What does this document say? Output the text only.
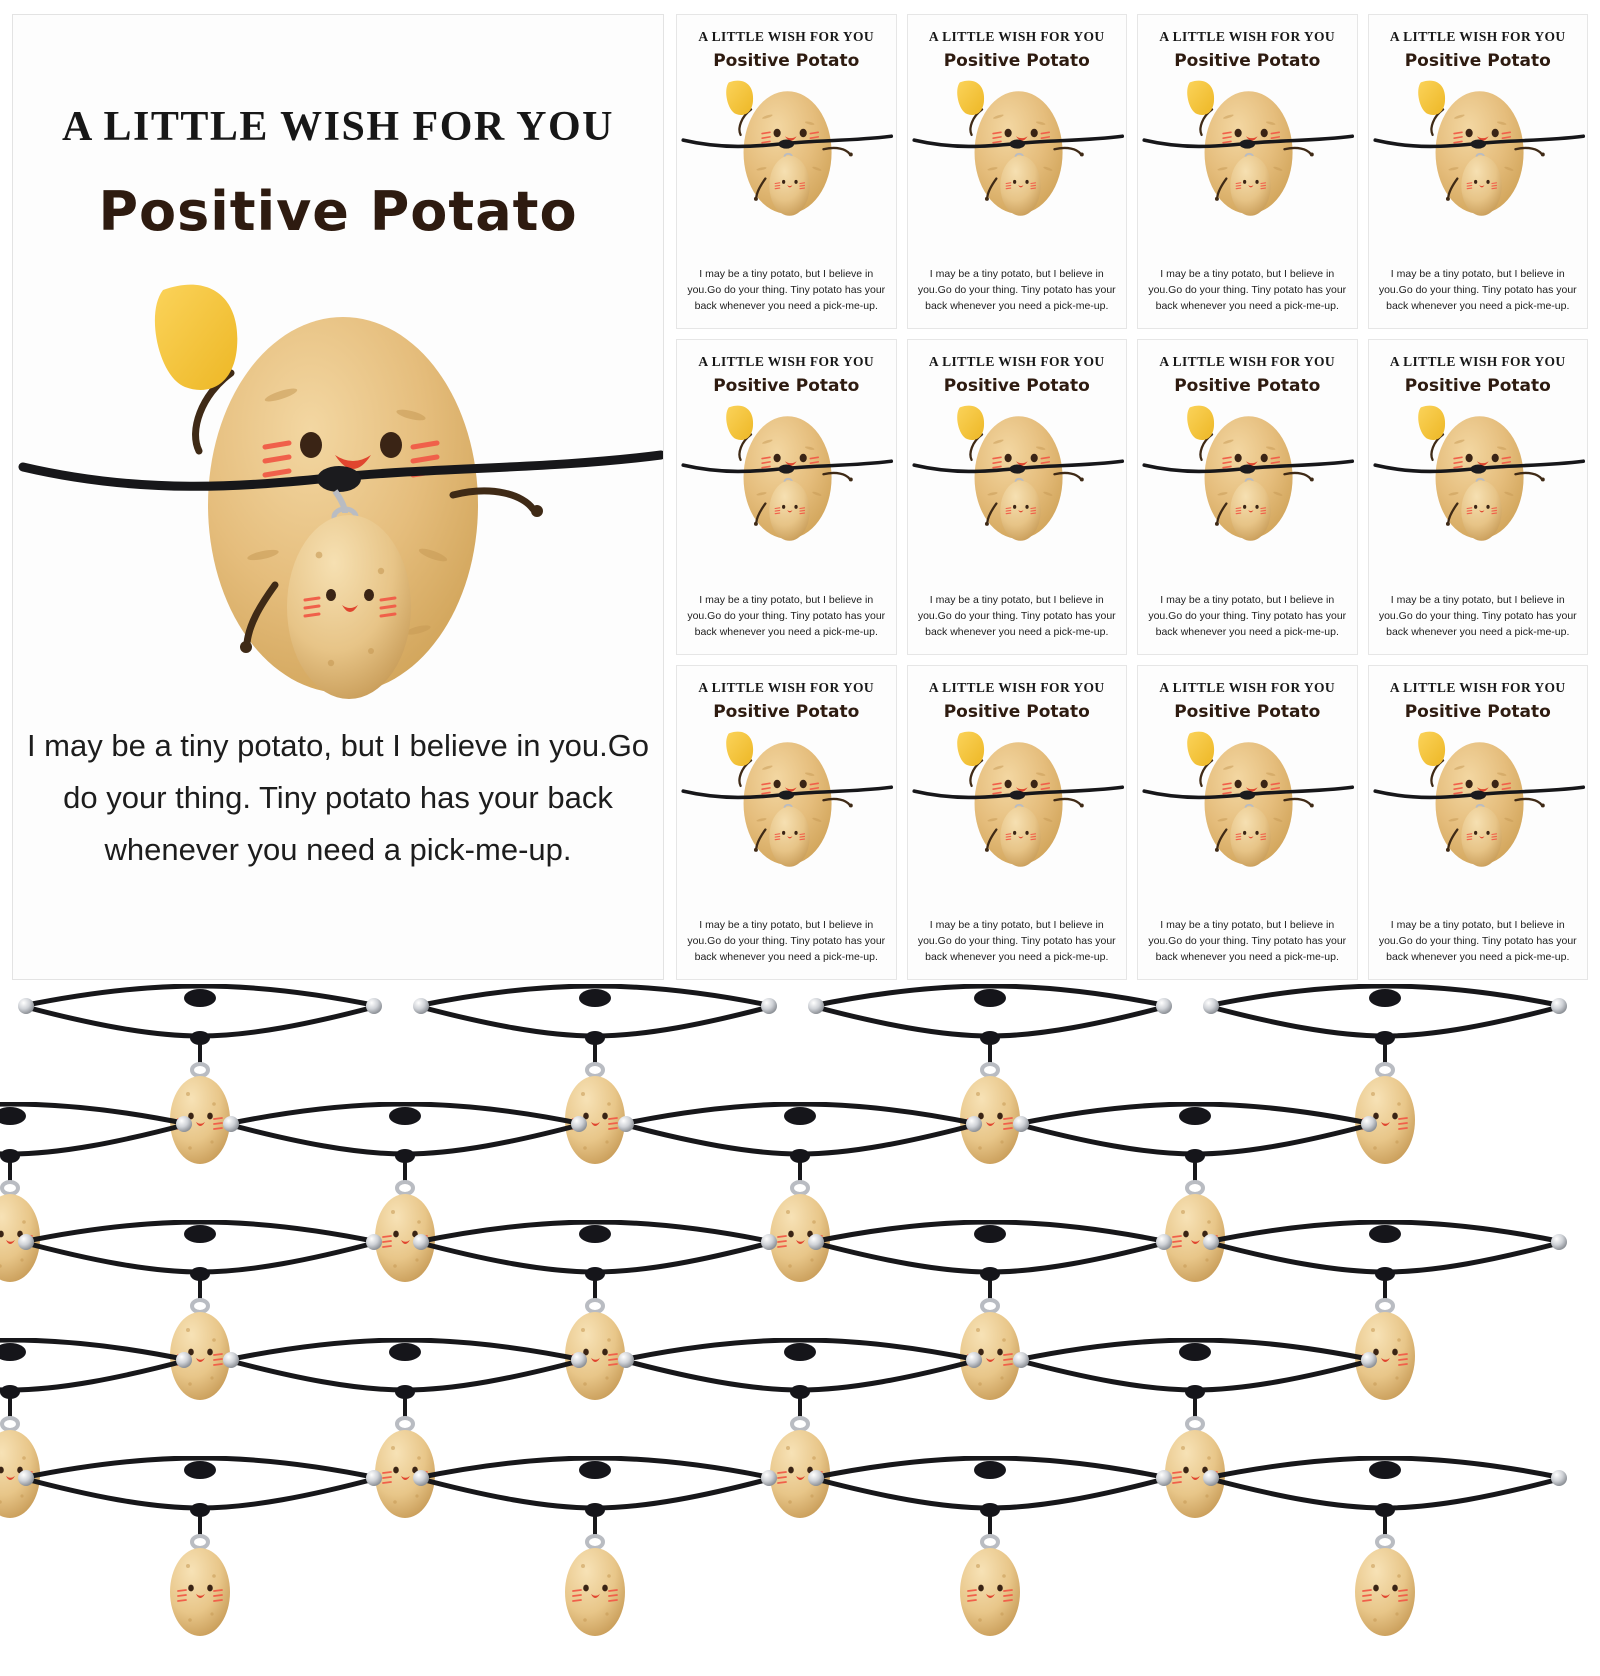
A LITTLE WISH FOR YOU
Positive Potato
I may be a tiny potato, but I believe in you.Go do your thing. Tiny potato has your back whenever you need a pick-me-up.
A LITTLE WISH FOR YOU
Positive Potato
I may be a tiny potato, but I believe in you.Go do your thing. Tiny potato has your back whenever you need a pick-me-up.
A LITTLE WISH FOR YOU
Positive Potato
I may be a tiny potato, but I believe in you.Go do your thing. Tiny potato has your back whenever you need a pick-me-up.
A LITTLE WISH FOR YOU
Positive Potato
I may be a tiny potato, but I believe in you.Go do your thing. Tiny potato has your back whenever you need a pick-me-up.
A LITTLE WISH FOR YOU
Positive Potato
I may be a tiny potato, but I believe in you.Go do your thing. Tiny potato has your back whenever you need a pick-me-up.
A LITTLE WISH FOR YOU
Positive Potato
I may be a tiny potato, but I believe in you.Go do your thing. Tiny potato has your back whenever you need a pick-me-up.
A LITTLE WISH FOR YOU
Positive Potato
I may be a tiny potato, but I believe in you.Go do your thing. Tiny potato has your back whenever you need a pick-me-up.
A LITTLE WISH FOR YOU
Positive Potato
I may be a tiny potato, but I believe in you.Go do your thing. Tiny potato has your back whenever you need a pick-me-up.
A LITTLE WISH FOR YOU
Positive Potato
I may be a tiny potato, but I believe in you.Go do your thing. Tiny potato has your back whenever you need a pick-me-up.
A LITTLE WISH FOR YOU
Positive Potato
I may be a tiny potato, but I believe in you.Go do your thing. Tiny potato has your back whenever you need a pick-me-up.
A LITTLE WISH FOR YOU
Positive Potato
I may be a tiny potato, but I believe in you.Go do your thing. Tiny potato has your back whenever you need a pick-me-up.
A LITTLE WISH FOR YOU
Positive Potato
I may be a tiny potato, but I believe in you.Go do your thing. Tiny potato has your back whenever you need a pick-me-up.
A LITTLE WISH FOR YOU
Positive Potato
I may be a tiny potato, but I believe in you.Go do your thing. Tiny potato has your back whenever you need a pick-me-up.
